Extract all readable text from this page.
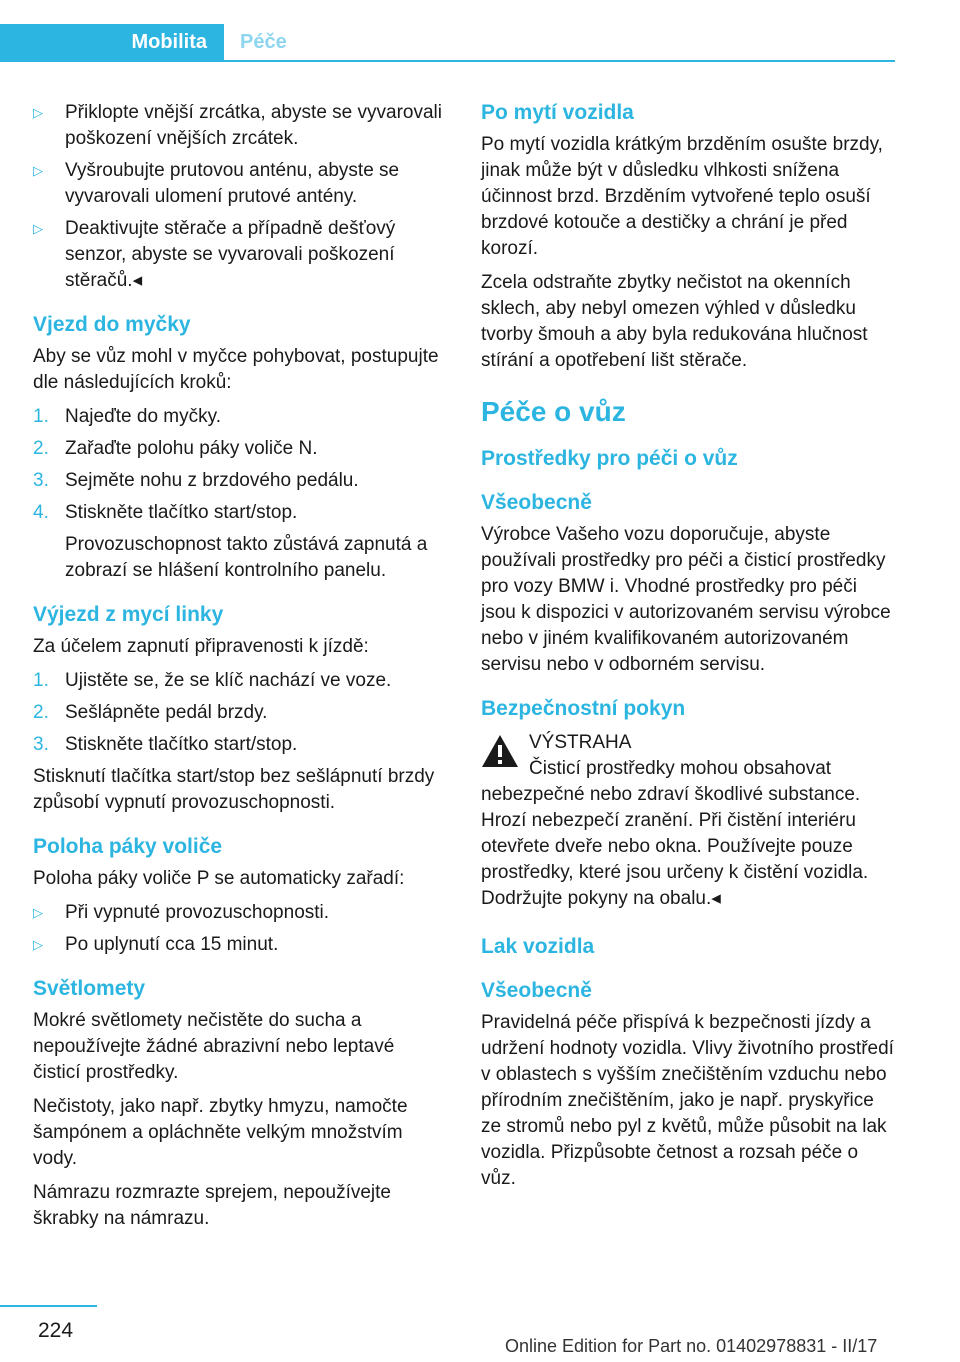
Mobilita Péče
▷	Přiklopte vnější zrcátka, abyste se vyvarovali poškození vnějších zrcátek.
▷	Vyšroubujte prutovou anténu, abyste se vyvarovali ulomení prutové antény.
▷	Deaktivujte stěrače a případně dešťový senzor, abyste se vyvarovali poškození stěračů.◂
Vjezd do myčky

Aby se vůz mohl v myčce pohybovat, postupujte dle následujících kroků:

1. Najeďte do myčky.
2. Zařaďte polohu páky voliče N.
3. Sejměte nohu z brzdového pedálu.
4. Stiskněte tlačítko start/stop.

Provozuschopnost takto zůstává zapnutá a zobrazí se hlášení kontrolního panelu.

Výjezd z mycí linky

Za účelem zapnutí připravenosti k jízdě:

1. Ujistěte se, že se klíč nachází ve voze.
2. Sešlápněte pedál brzdy.
3. Stiskněte tlačítko start/stop.

Stisknutí tlačítka start/stop bez sešlápnutí brzdy způsobí vypnutí provozuschopnosti.

Poloha páky voliče

Poloha páky voliče P se automaticky zařadí:

▷	Při vypnuté provozuschopnosti.
▷	Po uplynutí cca 15 minut.
Světlomety

Mokré světlomety nečistěte do sucha a nepoužívejte žádné abrazivní nebo leptavé čisticí prostředky.

Nečistoty, jako např. zbytky hmyzu, namočte šampónem a opláchněte velkým množstvím vody.

Námrazu rozmrazte sprejem, nepoužívejte škrabky na námrazu.

Po mytí vozidla

Po mytí vozidla krátkým brzděním osušte brzdy, jinak může být v důsledku vlhkosti snížena účinnost brzd. Brzděním vytvořené teplo osuší brzdové kotouče a destičky a chrání je před korozí.

Zcela odstraňte zbytky nečistot na okenních sklech, aby nebyl omezen výhled v důsledku tvorby šmouh a aby byla redukována hlučnost stírání a opotřebení lišt stěrače.

Péče o vůz
Prostředky pro péči o vůz
Všeobecně

Výrobce Vašeho vozu doporučuje, abyste používali prostředky pro péči a čisticí prostředky pro vozy BMW i. Vhodné prostředky pro péči jsou k dispozici v autorizovaném servisu výrobce nebo v jiném kvalifikovaném autorizovaném servisu nebo v odborném servisu.

Bezpečnostní pokyn
VÝSTRAHA

Čisticí prostředky mohou obsahovat nebezpečné nebo zdraví škodlivé substance. Hrozí nebezpečí zranění. Při čistění interiéru otevřete dveře nebo okna. Používejte pouze prostředky, které jsou určeny k čistění vozidla. Dodržujte pokyny na obalu.◂

Lak vozidla
Všeobecně

Pravidelná péče přispívá k bezpečnosti jízdy a udržení hodnoty vozidla. Vlivy životního prostředí v oblastech s vyšším znečištěním vzduchu nebo přírodním znečištěním, jako je např. pryskyřice ze stromů nebo pyl z květů, může působit na lak vozidla. Přizpůsobte četnost a rozsah péče o vůz.

224
Online Edition for Part no. 01402978831 - II/17
